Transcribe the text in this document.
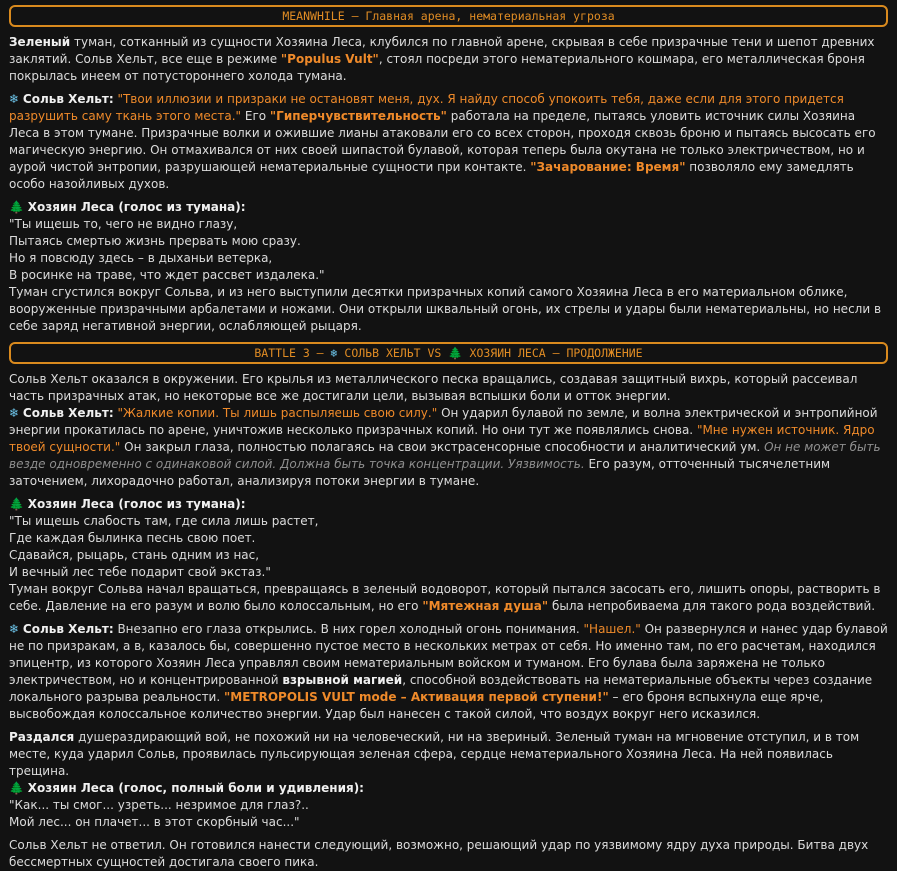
MEANWHILE – Главная арена, нематериальная угроза

Зеленый туман, сотканный из сущности Хозяина Леса, клубился по главной арене, скрывая в себе призрачные тени и шепот древних заклятий. Сольв Хельт, все еще в режиме "Populus Vult", стоял посреди этого нематериального кошмара, его металлическая броня покрылась инеем от потустороннего холода тумана.

❄ Сольв Хельт: "Твои иллюзии и призраки не остановят меня, дух. Я найду способ упокоить тебя, даже если для этого придется разрушить саму ткань этого места." Его "Гиперчувствительность" работала на пределе, пытаясь уловить источник силы Хозяина Леса в этом тумане. Призрачные волки и ожившие лианы атаковали его со всех сторон, проходя сквозь броню и пытаясь высосать его магическую энергию. Он отмахивался от них своей шипастой булавой, которая теперь была окутана не только электричеством, но и аурой чистой энтропии, разрушающей нематериальные сущности при контакте. "Зачарование: Время" позволяло ему замедлять особо назойливых духов.

🌲 Хозяин Леса (голос из тумана):

"Ты ищешь то, чего не видно глазу,

Пытаясь смертью жизнь прервать мою сразу.

Но я повсюду здесь – в дыханьи ветерка,

В росинке на траве, что ждет рассвет издалека."

Туман сгустился вокруг Сольва, и из него выступили десятки призрачных копий самого Хозяина Леса в его материальном облике, вооруженные призрачными арбалетами и ножами. Они открыли шквальный огонь, их стрелы и удары были нематериальны, но несли в себе заряд негативной энергии, ослабляющей рыцаря.

BATTLE 3 – ❄ СОЛЬВ ХЕЛЬТ VS 🌲 ХОЗЯИН ЛЕСА – ПРОДОЛЖЕНИЕ

Сольв Хельт оказался в окружении. Его крылья из металлического песка вращались, создавая защитный вихрь, который рассеивал часть призрачных атак, но некоторые все же достигали цели, вызывая вспышки боли и отток энергии.

❄ Сольв Хельт: "Жалкие копии. Ты лишь распыляешь свою силу." Он ударил булавой по земле, и волна электрической и энтропийной энергии прокатилась по арене, уничтожив несколько призрачных копий. Но они тут же появлялись снова. "Мне нужен источник. Ядро твоей сущности." Он закрыл глаза, полностью полагаясь на свои экстрасенсорные способности и аналитический ум. Он не может быть везде одновременно с одинаковой силой. Должна быть точка концентрации. Уязвимость. Его разум, отточенный тысячелетним заточением, лихорадочно работал, анализируя потоки энергии в тумане.

🌲 Хозяин Леса (голос из тумана):

"Ты ищешь слабость там, где сила лишь растет,

Где каждая былинка песнь свою поет.

Сдавайся, рыцарь, стань одним из нас,

И вечный лес тебе подарит свой экстаз."

Туман вокруг Сольва начал вращаться, превращаясь в зеленый водоворот, который пытался засосать его, лишить опоры, растворить в себе. Давление на его разум и волю было колоссальным, но его "Мятежная душа" была непробиваема для такого рода воздействий.

❄ Сольв Хельт: Внезапно его глаза открылись. В них горел холодный огонь понимания. "Нашел." Он развернулся и нанес удар булавой не по призракам, а в, казалось бы, совершенно пустое место в нескольких метрах от себя. Но именно там, по его расчетам, находился эпицентр, из которого Хозяин Леса управлял своим нематериальным войском и туманом. Его булава была заряжена не только электричеством, но и концентрированной взрывной магией, способной воздействовать на нематериальные объекты через создание локального разрыва реальности. "METROPOLIS VULT mode – Активация первой ступени!" – его броня вспыхнула еще ярче, высвобождая колоссальное количество энергии. Удар был нанесен с такой силой, что воздух вокруг него исказился.

Раздался душераздирающий вой, не похожий ни на человеческий, ни на звериный. Зеленый туман на мгновение отступил, и в том месте, куда ударил Сольв, проявилась пульсирующая зеленая сфера, сердце нематериального Хозяина Леса. На ней появилась трещина.

🌲 Хозяин Леса (голос, полный боли и удивления):

"Как... ты смог... узреть... незримое для глаз?..

Мой лес... он плачет... в этот скорбный час..."

Сольв Хельт не ответил. Он готовился нанести следующий, возможно, решающий удар по уязвимому ядру духа природы. Битва двух бессмертных сущностей достигала своего пика.
